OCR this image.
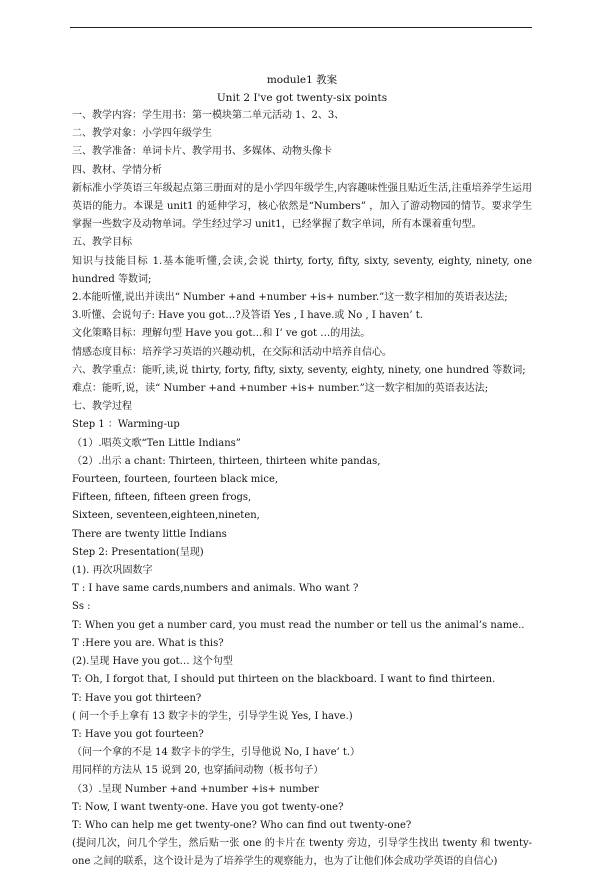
module1 教案
Unit 2 I've got twenty-six points
一、教学内容：学生用书：第一模块第二单元活动 1、2、3、
二、教学对象：小学四年级学生
三、教学准备：单词卡片、教学用书、多媒体、动物头像卡
四、教材、学情分析
新标准小学英语三年级起点第三册面对的是小学四年级学生,内容趣味性强且贴近生活,注重培养学生运用英语的能力。本课是 unit1 的延伸学习，核心依然是“Numbers” ，加入了游动物园的情节。要求学生掌握一些数字及动物单词。学生经过学习 unit1，已经掌握了数字单词，所有本课着重句型。
五、教学目标
知识与技能目标 1.基本能听懂,会读,会说 thirty, forty, fifty, sixty, seventy, eighty, ninety, one hundred 等数词;
2.本能听懂,说出并读出“ Number +and +number +is+ number.”这一数字相加的英语表达法;
3.听懂、会说句子: Have you got…?及答语 Yes , I have.或 No , I haven’ t.
文化策略目标：理解句型 Have you got…和 I’ ve got …的用法。
情感态度目标：培养学习英语的兴趣动机，在交际和活动中培养自信心。
六、教学重点：能听,读,说 thirty, forty, fifty, sixty, seventy, eighty, ninety, one hundred 等数词;
难点：能听,说，读“ Number +and +number +is+ number.”这一数字相加的英语表达法;
七、教学过程
Step 1 ：Warming-up
（1）.唱英文歌“Ten Little Indians”
（2）.出示 a chant: Thirteen, thirteen, thirteen white pandas,
Fourteen, fourteen, fourteen black mice,
Fifteen, fifteen, fifteen green frogs,
Sixteen, seventeen,eighteen,nineten,
There are twenty little Indians
Step 2: Presentation(呈现)
(1). 再次巩固数字
T : I have same cards,numbers and animals. Who want ?
Ss :
T: When you get a number card, you must read the number or tell us the animal’s name..
T :Here you are. What is this?
(2).呈现 Have you got… 这个句型
T: Oh, I forgot that, I should put thirteen on the blackboard. I want to find thirteen.
T: Have you got thirteen?
( 问一个手上拿有 13 数字卡的学生，引导学生说 Yes, I have.)
T: Have you got fourteen?
（问一个拿的不是 14 数字卡的学生，引导他说 No, I have’ t.）
用同样的方法从 15 说到 20, 也穿插问动物（板书句子）
（3）.呈现 Number +and +number +is+ number
T: Now, I want twenty-one. Have you got twenty-one?
T: Who can help me get twenty-one? Who can find out twenty-one?
(提问几次，问几个学生，然后贴一张 one 的卡片在 twenty 旁边，引导学生找出 twenty 和 twenty-one 之间的联系，这个设计是为了培养学生的观察能力，也为了让他们体会成功学英语的自信心)
